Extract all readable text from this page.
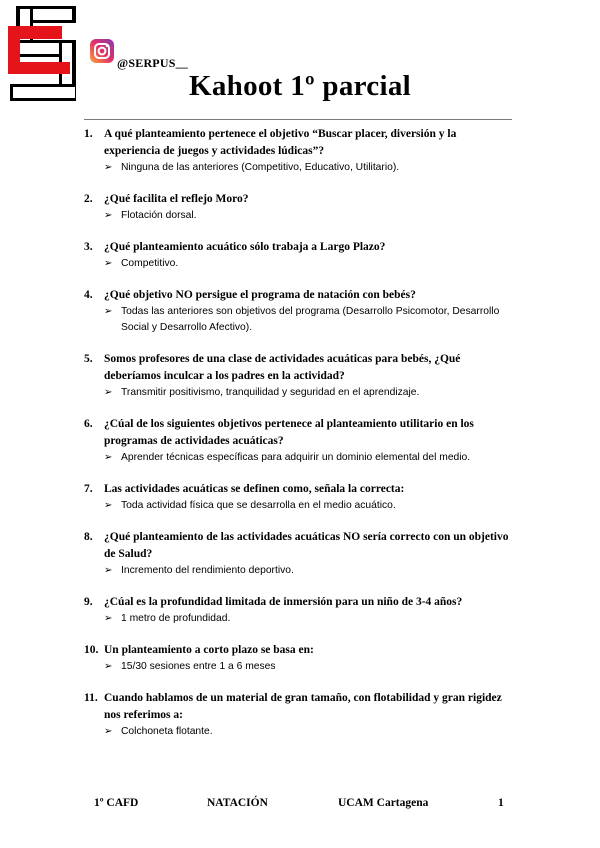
@SERPUS__
Kahoot 1º parcial
1. A qué planteamiento pertenece el objetivo “Buscar placer, diversión y la experiencia de juegos y actividades lúdicas”?
➢ Ninguna de las anteriores (Competitivo, Educativo, Utilitario).
2. ¿Qué facilita el reflejo Moro?
➢ Flotación dorsal.
3. ¿Qué planteamiento acuático sólo trabaja a Largo Plazo?
➢ Competitivo.
4. ¿Qué objetivo NO persigue el programa de natación con bebés?
➢ Todas las anteriores son objetivos del programa (Desarrollo Psicomotor, Desarrollo Social y Desarrollo Afectivo).
5. Somos profesores de una clase de actividades acuáticas para bebés, ¿Qué deberíamos inculcar a los padres en la actividad?
➢ Transmitir positivismo, tranquilidad y seguridad en el aprendizaje.
6. ¿Cúal de los siguientes objetivos pertenece al planteamiento utilitario en los programas de actividades acuáticas?
➢ Aprender técnicas específicas para adquirir un dominio elemental del medio.
7. Las actividades acuáticas se definen como, señala la correcta:
➢ Toda actividad física que se desarrolla en el medio acuático.
8. ¿Qué planteamiento de las actividades acuáticas NO sería correcto con un objetivo de Salud?
➢ Incremento del rendimiento deportivo.
9. ¿Cúal es la profundidad limitada de inmersión para un niño de 3-4 años?
➢ 1 metro de profundidad.
10. Un planteamiento a corto plazo se basa en:
➢ 15/30 sesiones entre 1 a 6 meses
11. Cuando hablamos de un material de gran tamaño, con flotabilidad y gran rigidez nos referimos a:
➢ Colchoneta flotante.
1º CAFD	NATACIÓN	UCAM Cartagena	1
